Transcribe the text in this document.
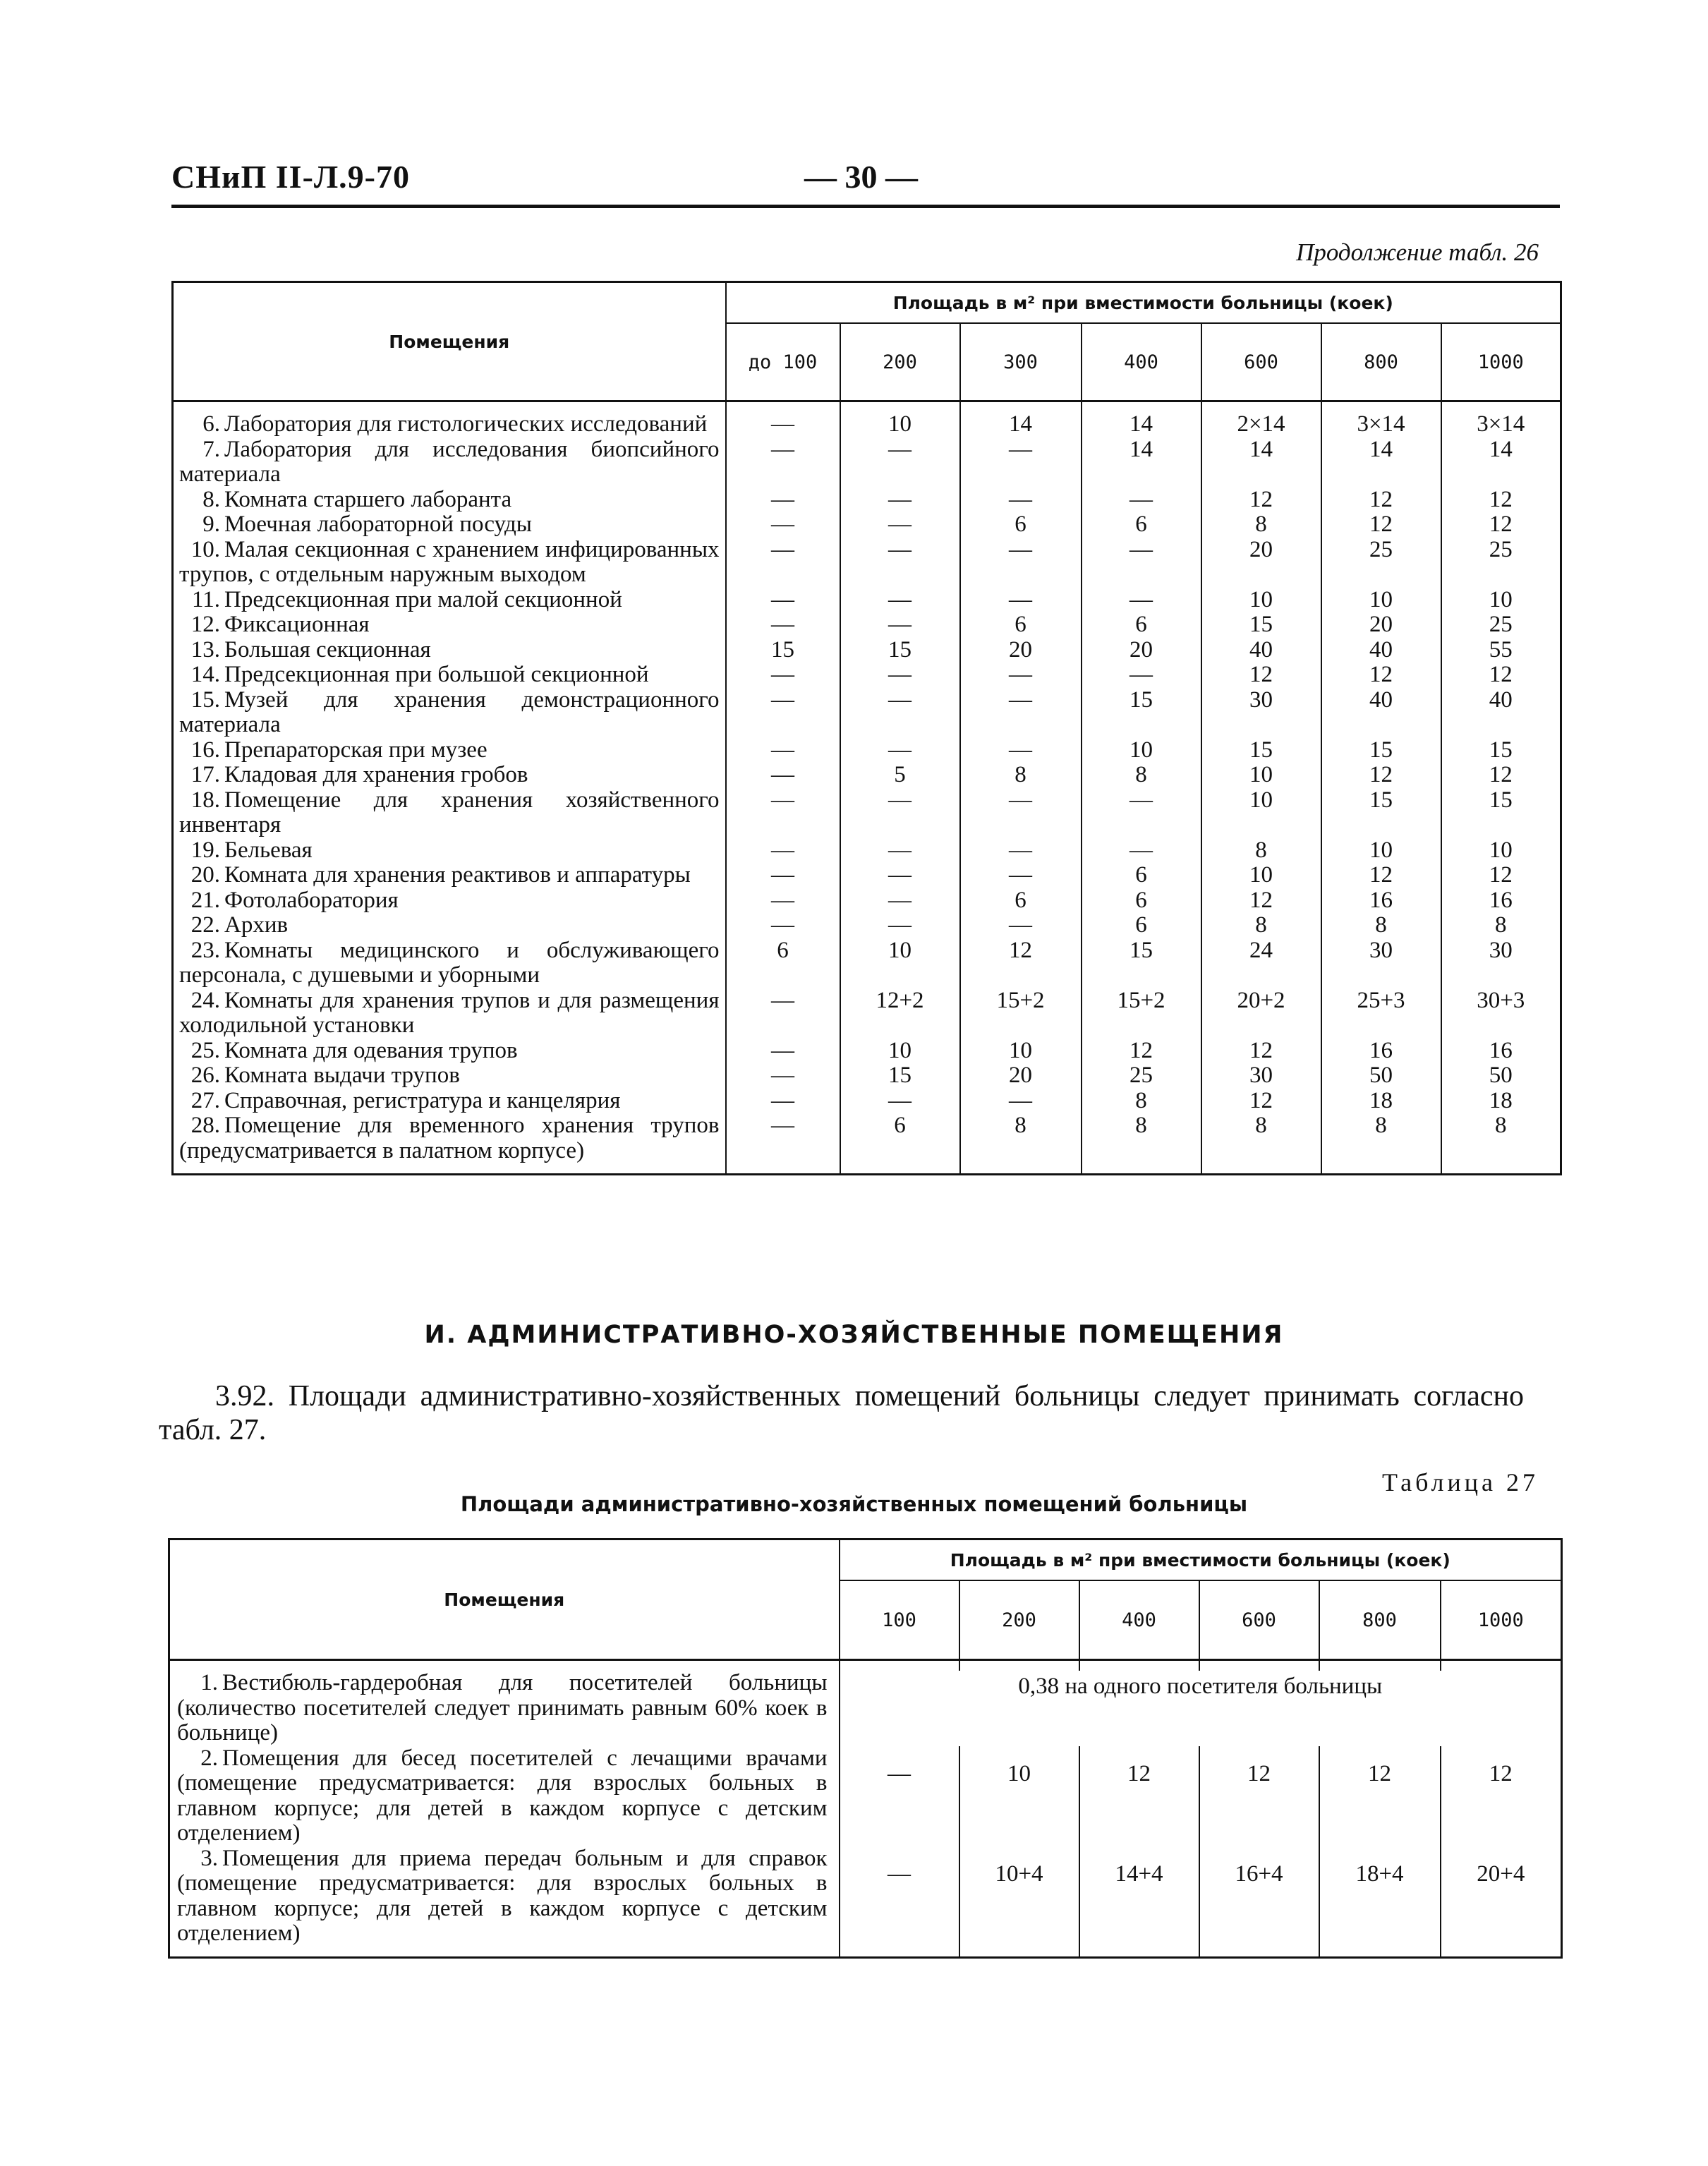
СНиП II-Л.9-70	— 30 —
Продолжение табл. 26
Помещения	Площадь в м² при вместимости больницы (коек)						
	до 100	200	300	400	600	800	1000

6. Лаборатория для гистологических исследований	—	10	14	14	2×14	3×14	3×14
7. Лаборатория для исследования биопсийного материала	—	—	—	14	14	14	14
8. Комната старшего лаборанта	—	—	—	—	12	12	12
9. Моечная лабораторной посуды	—	—	6	6	8	12	12
10. Малая секционная с хранением инфицированных трупов, с отдельным наружным выходом	—	—	—	—	20	25	25
11. Предсекционная при малой секционной	—	—	—	—	10	10	10
12. Фиксационная	—	—	6	6	15	20	25
13. Большая секционная	15	15	20	20	40	40	55
14. Предсекционная при большой секционной	—	—	—	—	12	12	12
15. Музей для хранения демонстрационного материала	—	—	—	15	30	40	40
16. Препараторская при музее	—	—	—	10	15	15	15
17. Кладовая для хранения гробов	—	5	8	8	10	12	12
18. Помещение для хранения хозяйственного инвентаря	—	—	—	—	10	15	15
19. Бельевая	—	—	—	—	8	10	10
20. Комната для хранения реактивов и аппаратуры	—	—	—	6	10	12	12
21. Фотолаборатория	—	—	6	6	12	16	16
22. Архив	—	—	—	6	8	8	8
23. Комнаты медицинского и обслуживающего персонала, с душевыми и уборными	6	10	12	15	24	30	30
24. Комнаты для хранения трупов и для размещения холодильной установки	—	12+2	15+2	15+2	20+2	25+3	30+3
25. Комната для одевания трупов	—	10	10	12	12	16	16
26. Комната выдачи трупов	—	15	20	25	30	50	50
27. Справочная, регистратура и канцелярия	—	—	—	8	12	18	18
28. Помещение для временного хранения трупов (предусматривается в палатном корпусе)	—	6	8	8	8	8	8

И. АДМИНИСТРАТИВНО-ХОЗЯЙСТВЕННЫЕ ПОМЕЩЕНИЯ
3.92. Площади административно-хозяйственных помещений больницы следует принимать согласно табл. 27.
Таблица 27
Площади административно-хозяйственных помещений больницы
Помещения	Площадь в м² при вместимости больницы (коек)					
	100	200	400	600	800	1000

1. Вестибюль-гардеробная для посетителей больницы (количество посетителей следует принимать равным 60% коек в больнице)	0,38 на одного посетителя больницы					
2. Помещения для бесед посетителей с лечащими врачами (помещение предусматривается: для взрослых больных в главном корпусе; для детей в каждом корпусе с детским отделением)	—	10	12	12	12	12
3. Помещения для приема передач больным и для справок (помещение предусматривается: для взрослых больных в главном корпусе; для детей в каждом корпусе с детским отделением)	—	10+4	14+4	16+4	18+4	20+4
